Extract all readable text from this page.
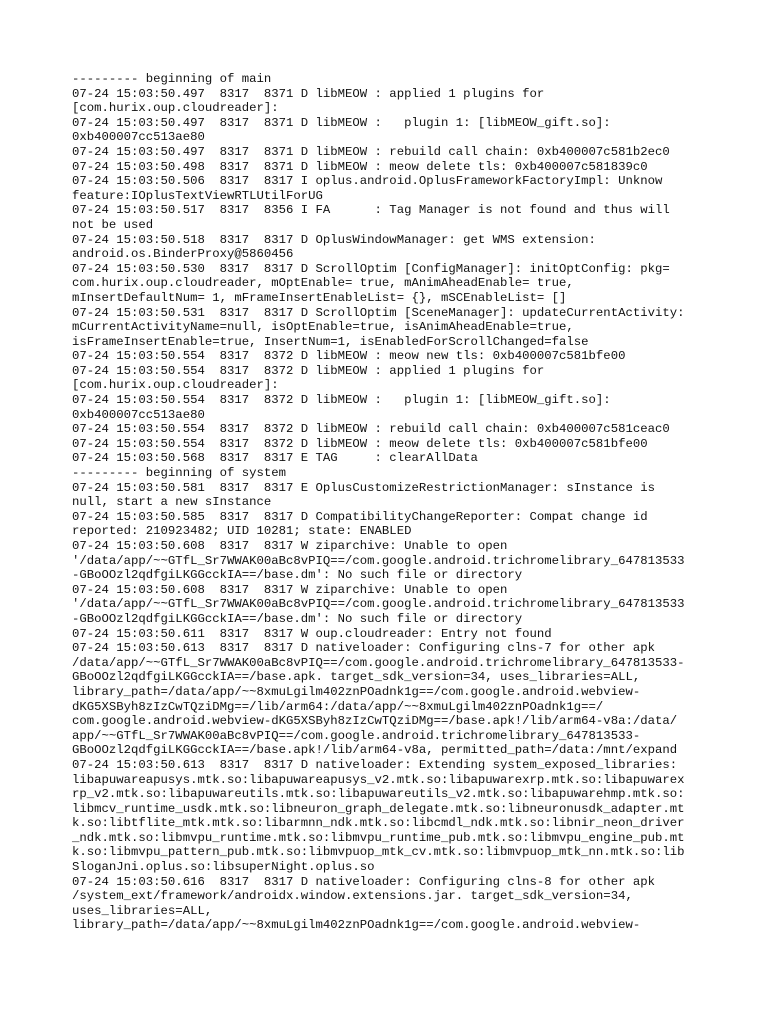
--------- beginning of main
07-24 15:03:50.497  8317  8371 D libMEOW : applied 1 plugins for
[com.hurix.oup.cloudreader]:
07-24 15:03:50.497  8317  8371 D libMEOW :   plugin 1: [libMEOW_gift.so]:
0xb400007cc513ae80
07-24 15:03:50.497  8317  8371 D libMEOW : rebuild call chain: 0xb400007c581b2ec0
07-24 15:03:50.498  8317  8371 D libMEOW : meow delete tls: 0xb400007c581839c0
07-24 15:03:50.506  8317  8317 I oplus.android.OplusFrameworkFactoryImpl: Unknow
feature:IOplusTextViewRTLUtilForUG
07-24 15:03:50.517  8317  8356 I FA      : Tag Manager is not found and thus will
not be used
07-24 15:03:50.518  8317  8317 D OplusWindowManager: get WMS extension:
android.os.BinderProxy@5860456
07-24 15:03:50.530  8317  8317 D ScrollOptim [ConfigManager]: initOptConfig: pkg=
com.hurix.oup.cloudreader, mOptEnable= true, mAnimAheadEnable= true,
mInsertDefaultNum= 1, mFrameInsertEnableList= {}, mSCEnableList= []
07-24 15:03:50.531  8317  8317 D ScrollOptim [SceneManager]: updateCurrentActivity:
mCurrentActivityName=null, isOptEnable=true, isAnimAheadEnable=true,
isFrameInsertEnable=true, InsertNum=1, isEnabledForScrollChanged=false
07-24 15:03:50.554  8317  8372 D libMEOW : meow new tls: 0xb400007c581bfe00
07-24 15:03:50.554  8317  8372 D libMEOW : applied 1 plugins for
[com.hurix.oup.cloudreader]:
07-24 15:03:50.554  8317  8372 D libMEOW :   plugin 1: [libMEOW_gift.so]:
0xb400007cc513ae80
07-24 15:03:50.554  8317  8372 D libMEOW : rebuild call chain: 0xb400007c581ceac0
07-24 15:03:50.554  8317  8372 D libMEOW : meow delete tls: 0xb400007c581bfe00
07-24 15:03:50.568  8317  8317 E TAG     : clearAllData
--------- beginning of system
07-24 15:03:50.581  8317  8317 E OplusCustomizeRestrictionManager: sInstance is
null, start a new sInstance
07-24 15:03:50.585  8317  8317 D CompatibilityChangeReporter: Compat change id
reported: 210923482; UID 10281; state: ENABLED
07-24 15:03:50.608  8317  8317 W ziparchive: Unable to open
'/data/app/~~GTfL_Sr7WWAK00aBc8vPIQ==/com.google.android.trichromelibrary_647813533
-GBoOOzl2qdfgiLKGGcckIA==/base.dm': No such file or directory
07-24 15:03:50.608  8317  8317 W ziparchive: Unable to open
'/data/app/~~GTfL_Sr7WWAK00aBc8vPIQ==/com.google.android.trichromelibrary_647813533
-GBoOOzl2qdfgiLKGGcckIA==/base.dm': No such file or directory
07-24 15:03:50.611  8317  8317 W oup.cloudreader: Entry not found
07-24 15:03:50.613  8317  8317 D nativeloader: Configuring clns-7 for other apk
/data/app/~~GTfL_Sr7WWAK00aBc8vPIQ==/com.google.android.trichromelibrary_647813533-
GBoOOzl2qdfgiLKGGcckIA==/base.apk. target_sdk_version=34, uses_libraries=ALL,
library_path=/data/app/~~8xmuLgilm402znPOadnk1g==/com.google.android.webview-
dKG5XSByh8zIzCwTQziDMg==/lib/arm64:/data/app/~~8xmuLgilm402znPOadnk1g==/
com.google.android.webview-dKG5XSByh8zIzCwTQziDMg==/base.apk!/lib/arm64-v8a:/data/
app/~~GTfL_Sr7WWAK00aBc8vPIQ==/com.google.android.trichromelibrary_647813533-
GBoOOzl2qdfgiLKGGcckIA==/base.apk!/lib/arm64-v8a, permitted_path=/data:/mnt/expand
07-24 15:03:50.613  8317  8317 D nativeloader: Extending system_exposed_libraries:
libapuwareapusys.mtk.so:libapuwareapusys_v2.mtk.so:libapuwarexrp.mtk.so:libapuwarex
rp_v2.mtk.so:libapuwareutils.mtk.so:libapuwareutils_v2.mtk.so:libapuwarehmp.mtk.so:
libmcv_runtime_usdk.mtk.so:libneuron_graph_delegate.mtk.so:libneuronusdk_adapter.mt
k.so:libtflite_mtk.mtk.so:libarmnn_ndk.mtk.so:libcmdl_ndk.mtk.so:libnir_neon_driver
_ndk.mtk.so:libmvpu_runtime.mtk.so:libmvpu_runtime_pub.mtk.so:libmvpu_engine_pub.mt
k.so:libmvpu_pattern_pub.mtk.so:libmvpuop_mtk_cv.mtk.so:libmvpuop_mtk_nn.mtk.so:lib
SloganJni.oplus.so:libsuperNight.oplus.so
07-24 15:03:50.616  8317  8317 D nativeloader: Configuring clns-8 for other apk
/system_ext/framework/androidx.window.extensions.jar. target_sdk_version=34,
uses_libraries=ALL,
library_path=/data/app/~~8xmuLgilm402znPOadnk1g==/com.google.android.webview-
